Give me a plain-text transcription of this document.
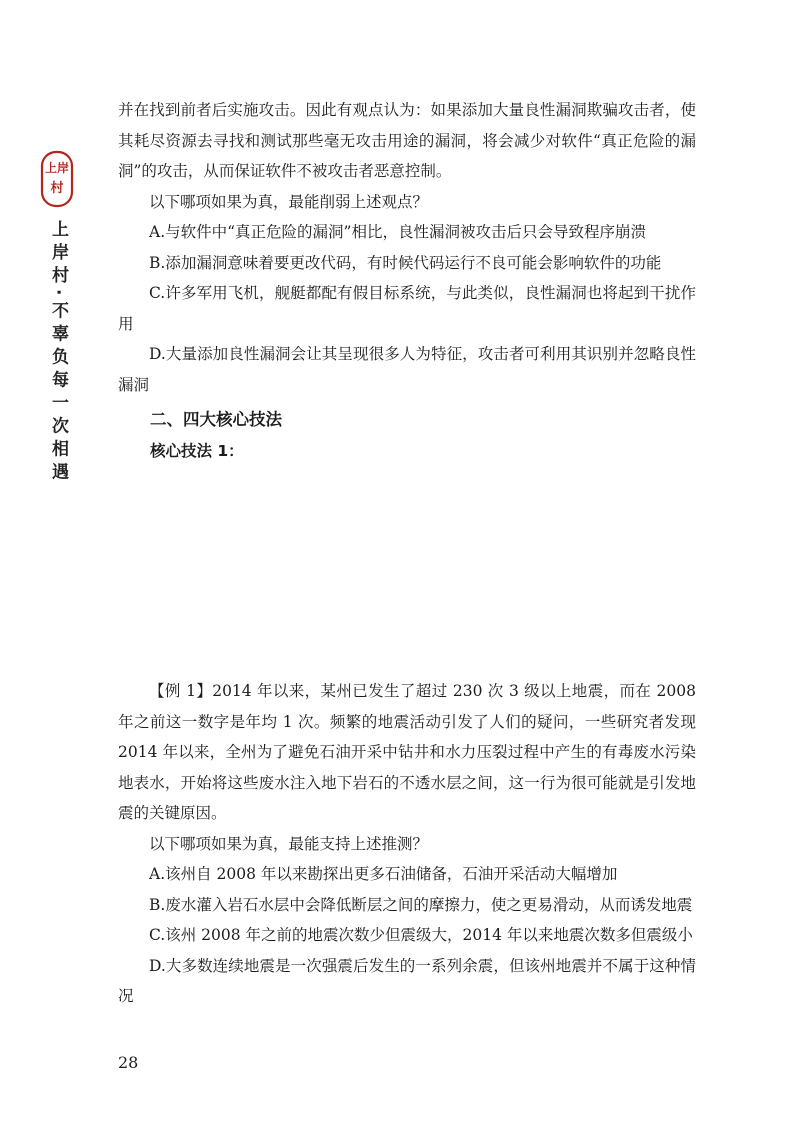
上岸
村
上岸村·不辜负每一次相遇

并在找到前者后实施攻击。因此有观点认为：如果添加大量良性漏洞欺骗攻击者，使其耗尽资源去寻找和测试那些毫无攻击用途的漏洞，将会减少对软件“真正危险的漏洞”的攻击，从而保证软件不被攻击者恶意控制。

以下哪项如果为真，最能削弱上述观点？

A.与软件中“真正危险的漏洞”相比，良性漏洞被攻击后只会导致程序崩溃

B.添加漏洞意味着要更改代码，有时候代码运行不良可能会影响软件的功能

C.许多军用飞机，舰艇都配有假目标系统，与此类似，良性漏洞也将起到干扰作用

D.大量添加良性漏洞会让其呈现很多人为特征，攻击者可利用其识别并忽略良性漏洞

二、四大核心技法
核心技法 1：

【例 1】2014 年以来，某州已发生了超过 230 次 3 级以上地震，而在 2008 年之前这一数字是年均 1 次。频繁的地震活动引发了人们的疑问，一些研究者发现 2014 年以来，全州为了避免石油开采中钻井和水力压裂过程中产生的有毒废水污染地表水，开始将这些废水注入地下岩石的不透水层之间，这一行为很可能就是引发地震的关键原因。

以下哪项如果为真，最能支持上述推测？

A.该州自 2008 年以来勘探出更多石油储备，石油开采活动大幅增加

B.废水灌入岩石水层中会降低断层之间的摩擦力，使之更易滑动，从而诱发地震

C.该州 2008 年之前的地震次数少但震级大，2014 年以来地震次数多但震级小

D.大多数连续地震是一次强震后发生的一系列余震，但该州地震并不属于这种情况

28
